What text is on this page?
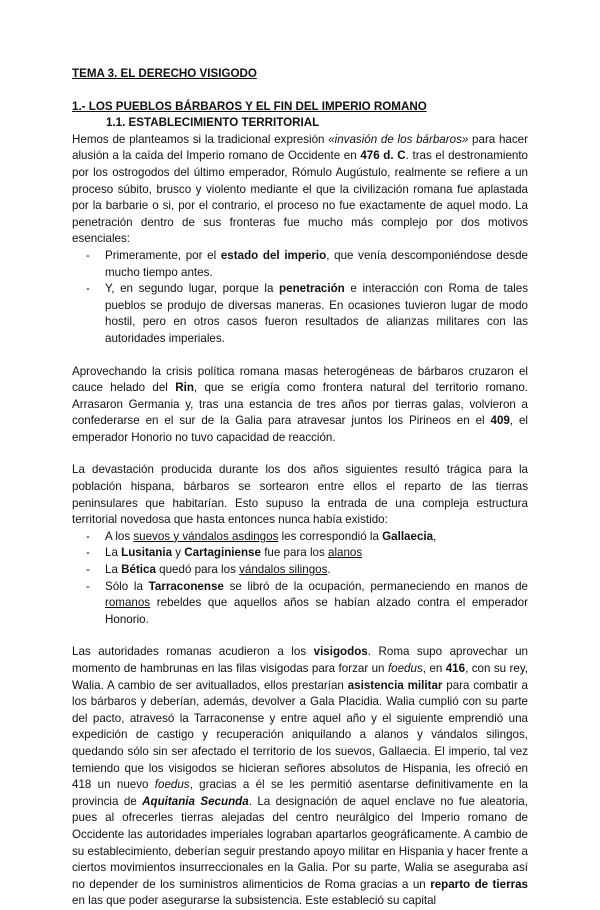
TEMA 3. EL DERECHO VISIGODO
1.- LOS PUEBLOS BÁRBAROS Y EL FIN DEL IMPERIO ROMANO
1.1. ESTABLECIMIENTO TERRITORIAL

Hemos de planteamos si la tradicional expresión «invasión de los bárbaros» para hacer alusión a la caída del Imperio romano de Occidente en 476 d. C. tras el destronamiento por los ostrogodos del último emperador, Rómulo Augústulo, realmente se refiere a un proceso súbito, brusco y violento mediante el que la civilización romana fue aplastada por la barbarie o si, por el contrario, el proceso no fue exactamente de aquel modo. La penetración dentro de sus fronteras fue mucho más complejo por dos motivos esenciales:

- Primeramente, por el estado del imperio, que venía descomponiéndose desde mucho tiempo antes.
- Y, en segundo lugar, porque la penetración e interacción con Roma de tales pueblos se produjo de diversas maneras. En ocasiones tuvieron lugar de modo hostil, pero en otros casos fueron resultados de alianzas militares con las autoridades imperiales.

Aprovechando la crisis política romana masas heterogéneas de bárbaros cruzaron el cauce helado del Rin, que se erigía como frontera natural del territorio romano. Arrasaron Germania y, tras una estancia de tres años por tierras galas, volvieron a confederarse en el sur de la Galia para atravesar juntos los Pirineos en el 409, el emperador Honorio no tuvo capacidad de reacción.

La devastación producida durante los dos años siguientes resultó trágica para la población hispana, bárbaros se sortearon entre ellos el reparto de las tierras peninsulares que habitarían. Esto supuso la entrada de una compleja estructura territorial novedosa que hasta entonces nunca había existido:

- A los suevos y vándalos asdingos les correspondió la Gallaecia,
- La Lusitania y Cartaginiense fue para los alanos
- La Bética quedó para los vándalos silingos.
- Sólo la Tarraconense se libró de la ocupación, permaneciendo en manos de romanos rebeldes que aquellos años se habían alzado contra el emperador Honorio.

Las autoridades romanas acudieron a los visigodos. Roma supo aprovechar un momento de hambrunas en las filas visigodas para forzar un foedus, en 416, con su rey, Walia. A cambio de ser avituallados, ellos prestarían asistencia militar para combatir a los bárbaros y deberían, además, devolver a Gala Placidia. Walia cumplió con su parte del pacto, atravesó la Tarraconense y entre aquel año y el siguiente emprendió una expedición de castigo y recuperación aniquilando a alanos y vándalos silingos, quedando sólo sin ser afectado el territorio de los suevos, Gallaecia. El imperio, tal vez temiendo que los visigodos se hicieran señores absolutos de Hispania, les ofreció en 418 un nuevo foedus, gracias a él se les permitió asentarse definitivamente en la provincia de Aquitania Secunda. La designación de aquel enclave no fue aleatoria, pues al ofrecerles tierras alejadas del centro neurálgico del Imperio romano de Occidente las autoridades imperiales lograban apartarlos geográficamente. A cambio de su establecimiento, deberían seguir prestando apoyo militar en Hispania y hacer frente a ciertos movimientos insurreccionales en la Galia. Por su parte, Walia se aseguraba así no depender de los suministros alimenticios de Roma gracias a un reparto de tierras en las que poder asegurarse la subsistencia. Este estableció su capital
